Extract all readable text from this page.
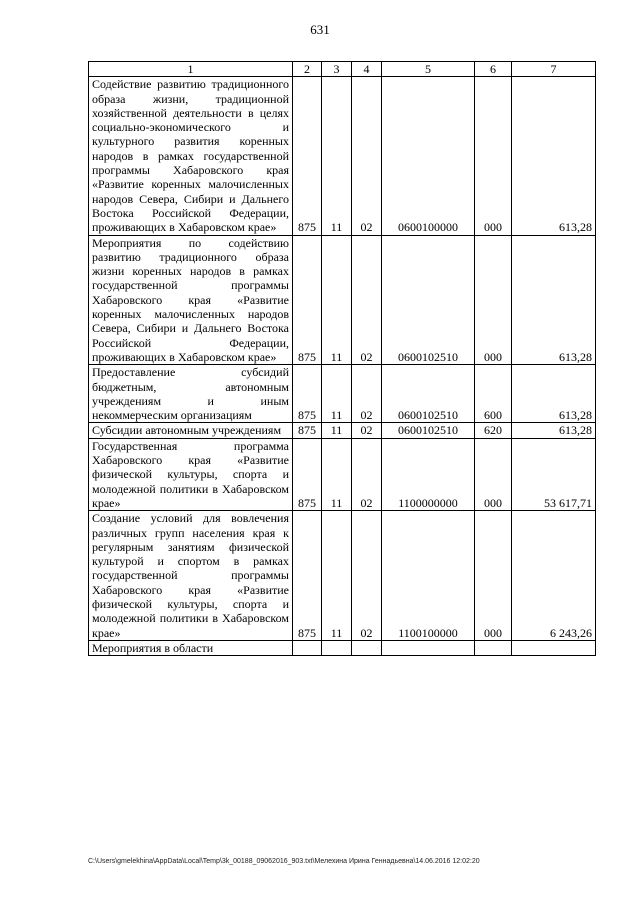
631
1	2	3	4	5	6	7
Содействие развитию традиционного образа жизни, традиционной хозяйственной деятельности в целях социально-экономического и культурного развития коренных народов в рамках государственной программы Хабаровского края «Развитие коренных малочисленных народов Севера, Сибири и Дальнего Востока Российской Федерации, проживающих в Хабаровском крае»	875	11	02	0600100000	000	613,28
Мероприятия по содействию развитию традиционного образа жизни коренных народов в рамках государственной программы Хабаровского края «Развитие коренных малочисленных народов Севера, Сибири и Дальнего Востока Российской Федерации, проживающих в Хабаровском крае»	875	11	02	0600102510	000	613,28
Предоставление субсидий бюджетным, автономным учреждениям и иным некоммерческим организациям	875	11	02	0600102510	600	613,28
Субсидии автономным учреждениям	875	11	02	0600102510	620	613,28
Государственная программа Хабаровского края «Развитие физической культуры, спорта и молодежной политики в Хабаровском крае»	875	11	02	1100000000	000	53 617,71
Создание условий для вовлечения различных групп населения края к регулярным занятиям физической культурой и спортом в рамках государственной программы Хабаровского края «Развитие физической культуры, спорта и молодежной политики в Хабаровском крае»	875	11	02	1100100000	000	6 243,26
Мероприятия в области						
C:\Users\gmelekhina\AppData\Local\Temp\3k_00188_09062016_903.txt\Мелехина Ирина Геннадьевна\14.06.2016 12:02:20
